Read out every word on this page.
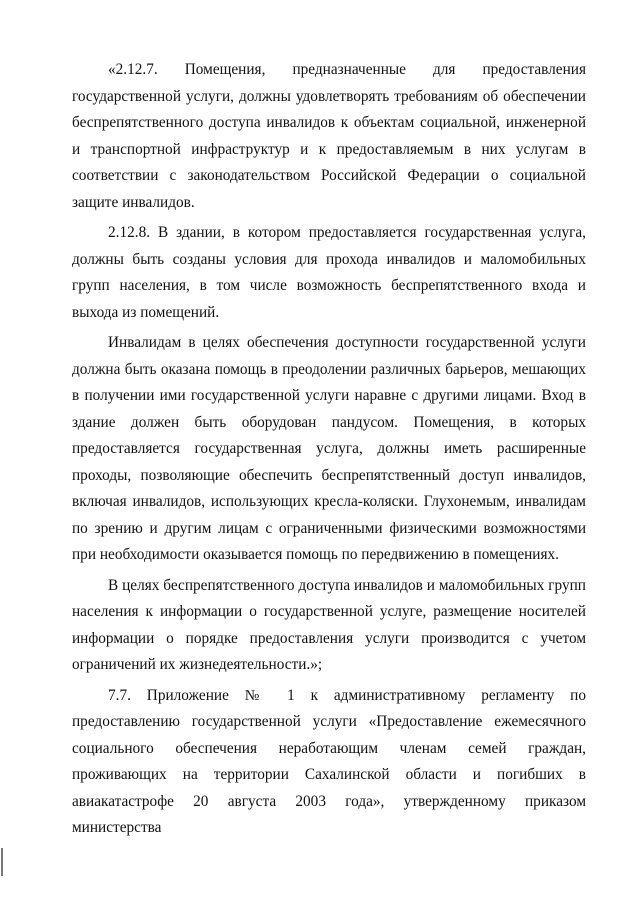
«2.12.7. Помещения, предназначенные для предоставления государственной услуги, должны удовлетворять требованиям об обеспечении беспрепятственного доступа инвалидов к объектам социальной, инженерной и транспортной инфраструктур и к предоставляемым в них услугам в соответствии с законодательством Российской Федерации о социальной защите инвалидов.

2.12.8. В здании, в котором предоставляется государственная услуга, должны быть созданы условия для прохода инвалидов и маломобильных групп населения, в том числе возможность беспрепятственного входа и выхода из помещений.

Инвалидам в целях обеспечения доступности государственной услуги должна быть оказана помощь в преодолении различных барьеров, мешающих в получении ими государственной услуги наравне с другими лицами. Вход в здание должен быть оборудован пандусом. Помещения, в которых предоставляется государственная услуга, должны иметь расширенные проходы, позволяющие обеспечить беспрепятственный доступ инвалидов, включая инвалидов, использующих кресла-коляски. Глухонемым, инвалидам по зрению и другим лицам с ограниченными физическими возможностями при необходимости оказывается помощь по передвижению в помещениях.

В целях беспрепятственного доступа инвалидов и маломобильных групп населения к информации о государственной услуге, размещение носителей информации о порядке предоставления услуги производится с учетом ограничений их жизнедеятельности.»;

7.7. Приложение № 1 к административному регламенту по предоставлению государственной услуги «Предоставление ежемесячного социального обеспечения неработающим членам семей граждан, проживающих на территории Сахалинской области и погибших в авиакатастрофе 20 августа 2003 года», утвержденному приказом министерства
